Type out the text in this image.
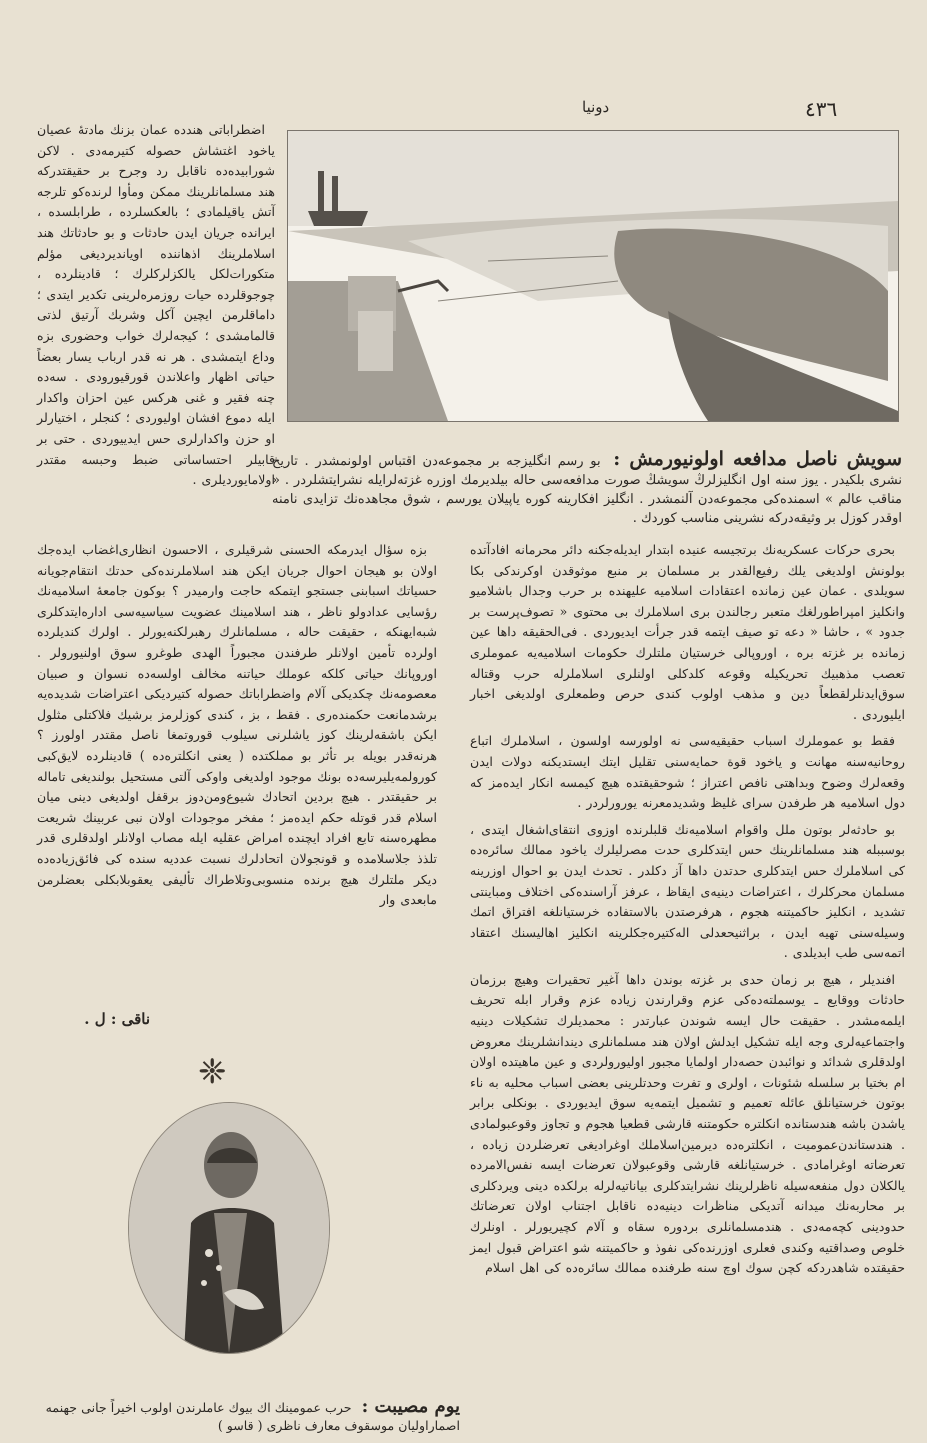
٤٣٦
دونیا
سویش ناصل مدافعه اولونیورمش : بو رسم انگلیزجه بر مجموعه‌دن اقتباس اولونمشدر . تاریخ نشری بلکیدر . یوز سنه اول انگلیزلرڭ سویشڭ صورت مدافعه‌سی حاله بیلدیرمك اوزره غزته‌لرایله نشرایتشلردر . « مناقب عالم » اسمنده‌کی مجموعه‌دن آلنمشدر . انگلیز افکارینه کوره یاپیلان یورسم ، شوق مجاهده‌نك تزایدی نامنه اوقدر کوزل بر وثیقه‌درکه نشرینی مناسب کوردك .

اضطراباتی هندده عمان بزنك مادتهٔ عصیان یاخود اغتشاش حصوله کتیرمه‌دی . لاکن شورابیده‌ده ناقابل رد وجرح بر حقیقتدرکه هند مسلمانلرینك ممکن ومأوا لرنده‌کو تلرجه آتش یاقیلمادی ؛ بالعکسلرده ، طرابلسده ، ایرانده جریان ایدن حادثات و بو حادثاتك هند اسلاملرینك اذهاننده اویاندیردیغی مؤلم متکورات‌لکل یالکزلرکلرك ؛ قادینلرده ، چوجوقلرده حیات روزمره‌لرینی تکدیر ایتدی ؛ داماقلرمن ایچین آکل وشربك آرتیق لذتی قالمامشدی ؛ کیجه‌لرك خواب وحضوری بزه وداع ایتمشدی . هر نه قدر ارباب یسار بعضاً حیاتی اظهار واعلاندن قورقیورودی . سه‌ده چنه فقیر و غنی هرکس عین احزان واکدار ایله دموع افشان اولیوردی ؛ کنجلر ، اختیارلر او حزن واکدارلری حس ایدییوردی . حتی بر قابیلر احتساساتی ضبط وحبسه مقتدر اولامایوردیلری .

بزه سؤال ایدرمکه الحسنی شرقیلری ، الاحسون انظاری‌اغضاب ایده‌جك اولان بو هیجان احوال جریان ایکن هند اسلاملرنده‌کی حدتك انتقام‌جویانه حسیاتك اسبابنی جستجو ایتمکه حاجت وارمیدر ؟ بوکون جامعهٔ اسلامیه‌نك رؤسایی عدادولو ناظر ، هند اسلامینك عضویت سیاسیه‌سی اداره‌ایتدکلری شبه‌ایهنکه ، حقیقت حاله ، مسلمانلرك رهبرلکنه‌یورلر . اولرك کندیلرده اولرده‌ تأمین اولانلر طرفندن مجبوراً الهدی طوغرو سوق اولنیورولر . اوروپانك حیاتی کلکه عوملك حیاتنه مخالف اولسه‌ده نسوان و صبیان معصومه‌نك چکدیکی آلام واضطراباتك حصوله کتیردیکی اعتراضات شدیده‌یه برشدمانعت حکمنده‌ری . فقط ، بز ، کندی کوزلرمز برشیك فلاکتلی مثلول ایکن باشقه‌لرینك کوز یاشلرنی سیلوب قوروتمغا ناصل مقتدر اولورز ؟ هرنه‌قدر بویله بر تأثر بو مملکتده ( یعنی انکلتره‌ده ) قادینلرده لایق‌کبی کورولمه‌یلیرسه‌ده بونك موجود اولدیغی واوکی آلتی مستحیل بولندیغی تاماله بر حقیقتدر . هیچ بردین اتحادك شیوع‌ومن‌دوز برقفل اولدیغی دینی میان اسلام قدر قوتله حکم ایده‌مز ؛ مفخر موجودات اولان نبی عربینك شریعت مطهره‌سنه تابع افراد ایچنده امراض عقلیه ایله مصاب اولانلر اولدقلری قدر تلذذ جلاسلامده و قونجولان اتحادلرك نسبت عددیه سنده کی فائق‌زیاده‌ده دیکر ملتلرك هیچ برنده‌ منسوبی‌وتلاطراك تألیفی یعقوبلابکلی بعضلرمن مابعدی وار

بحری حرکات عسکریه‌نك برتجیسه عنیده ابتدار ایدیله‌جکنه دائر محرمانه افادآتده بولونش اولدیغی یلك رفیع‌القدر بر مسلمان بر منبع موثوقدن اوکرندکی بکا سویلدی . عمان عین زمانده اعتقادات اسلامیه علیهنده بر حرب وجدال باشلامیو وانکلیز امپراطورلغك متعبر رجالندن بری اسلاملرك بی محتوی « تصوف‌پرست بر جدود » ، حاشا « دعه تو صیف ایتمه قدر جرأت ایدیوردی . فی‌الحقیقه داها عین زمانده بر غزته بره ، اوروپالی خرستیان ملتلرك حکومات اسلامیه‌یه عموملری تعصب مذهبیك تحریکیله وقوعه کلدکلی اولنلری اسلاملرله حرب وقتاله سوق‌ایدنلرلقطعاً دین و مذهب اولوب کندی حرص وطمعلری اولدیغی اخبار ایلیوردی .

فقط بو عموملرك اسباب حقیقیه‌سی نه اولورسه اولسون ، اسلاملرك اتباع روحانیه‌سنه مهانت و یاخود قوة حمایه‌سنی تقلیل ایتك ایستدیکنه ‌دولات ایدن وقعه‌لرك وضوح وبداهتی نافص اعتراز ؛ شوحقیقتده هیچ کیمسه انکار ایده‌مز که دول اسلامیه هر طرفدن سرای غلیظ وشدیدمعرنه ‌یورورلردر .

بو حادثه‌لر بوتون ملل واقوام اسلامیه‌نك قلبلرنده اوزوی انتقای‌اشغال ایتدی ، بوسببله هند مسلمانلرینك حس ایتدکلری حدت مصرلیلرك یاخود ممالك سائره‌ده کی اسلاملرك حس ایتدکلری حدتدن داها آز دکلدر . تحدث ایدن بو احوال اوزرینه مسلمان محرکلرك ، اعتراضات دینیه‌ی ایقاظ ، عرفز آراسنده‌کی اختلاف ومباینتی تشدید ، انکلیز حاکمیتنه هجوم ، هرفرصتدن بالاستفاده خرستیانلغه افتراق اتمك وسیله‌سنی تهیه ایدن ، براثنیحعدلی اله‌کتیره‌جکلرینه انکلیز اهالیسنك اعتقاد اتمه‌سی طب ابدیلدی .

افندیلر ، هیچ بر زمان حدی بر غزته بوندن داها آغیر تحقیرات وهیچ برزمان حادثات ووقایع ـ یوسملته‌ده‌کی عزم وقرارندن زیاده عزم وقرار ابله تحریف ایلمه‌مشدر . حقیقت حال ایسه شوندن عبارتدر : محمدیلرك تشکیلات دینیه واجتماعیه‌لری وجه ایله تشکیل ایدلش اولان هند مسلمانلری دیندانشلرینك معروض اولدقلری شدائد و نوائبدن حصه‌دار اولمایا مجبور اولیورولردی و عین ماهیتده اولان ام بختیا بر سلسله شئونات ، اولری و تفرت وحدتلرینی بعضی اسباب محلیه‌ به ناء بوتون خرستیانلق عائله تعمیم و تشمیل ایتمه‌یه سوق ایدیوردی . بونکلی برابر یاشدن باشه هندستانده انکلتره حکومتنه قارشی قطعیا هجوم و تجاوز وقوعبولمادی . هندستاندن‌عمومیت ، انکلتره‌ده دیرمین‌اسلاملك اوغرادیغی تعرضلردن زیاده ، تعرضاته اوغرامادی . خرستیانلغه قارشی وقوعبولان تعرضات ایسه نفس‌الامرده ‌یالکلان دول منفعه‌سیله ناظرلرینك نشرایتدکلری بیاناتیه‌لرله برلکده دینی ویردکلری بر محاربه‌نك میدانه آتدیکی مناظرات دینیه‌ده ناقابل اجتناب اولان تعرضاتك حدودینی کچه‌مه‌دی . هندمسلمانلری بردوره سقاه و آلام کچیریورلر . اونلرك خلوص وصداقتیه‌ وکندی فعلری اوزرنده‌کی نفوذ و حاکمیتنه شو اعتراض قبول ایمز حقیقتده شاهدردکه کچن سوك اوچ سنه طرفنده ممالك سائره‌ده کی اهل اسلام

ناقی : ل .
❈
یوم مصیبت : حرب عمومینك اك بیوك عاملرندن اولوب اخیراً جانی جهنمه اصماراولیان موسقوف معارف ناظری ( قاسو )
